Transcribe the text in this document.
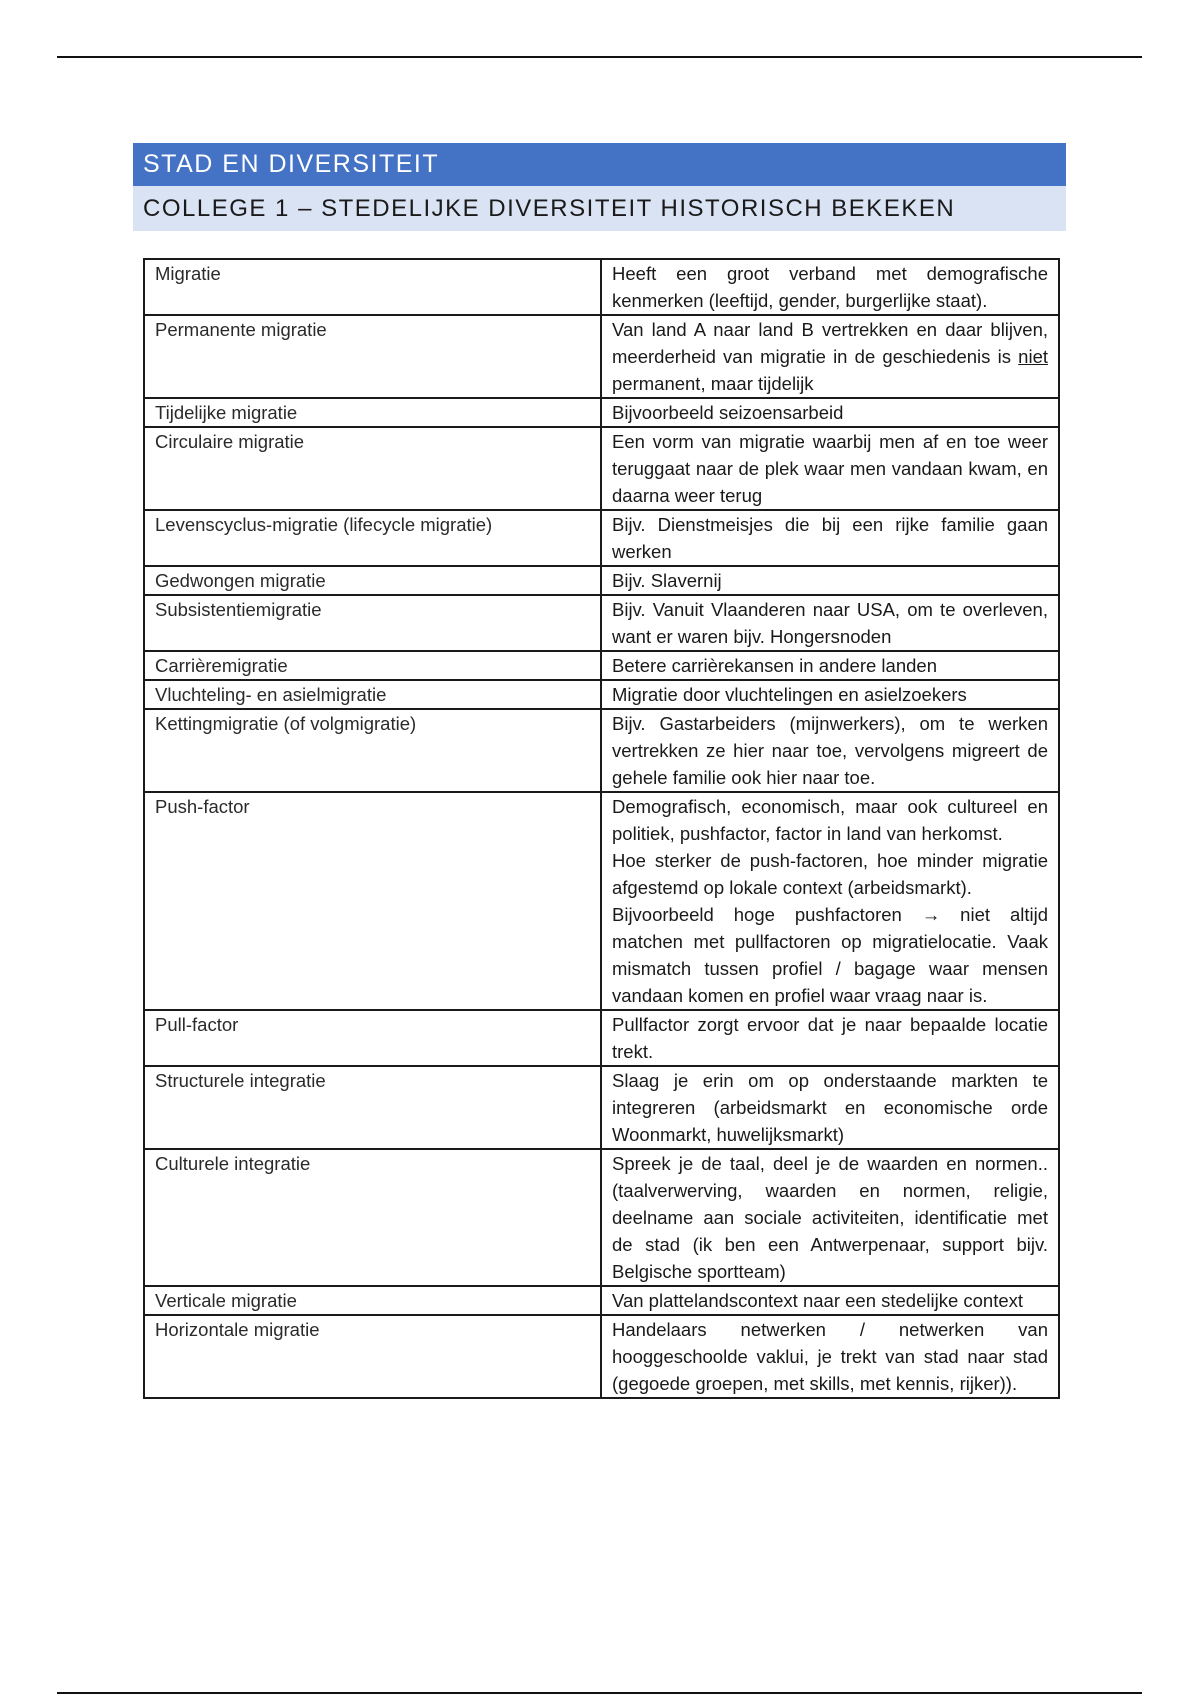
STAD EN DIVERSITEIT
COLLEGE 1 – STEDELIJKE DIVERSITEIT HISTORISCH BEKEKEN
Migratie	Heeft een groot verband met demografische kenmerken (leeftijd, gender, burgerlijke staat).

Permanente migratie	Van land A naar land B vertrekken en daar blijven, meerderheid van migratie in de geschiedenis is niet permanent, maar tijdelijk

Tijdelijke migratie	Bijvoorbeeld seizoensarbeid

Circulaire migratie	Een vorm van migratie waarbij men af en toe weer teruggaat naar de plek waar men vandaan kwam, en daarna weer terug

Levenscyclus-migratie (lifecycle migratie)	Bijv. Dienstmeisjes die bij een rijke familie gaan werken

Gedwongen migratie	Bijv. Slavernij

Subsistentiemigratie	Bijv. Vanuit Vlaanderen naar USA, om te overleven, want er waren bijv. Hongersnoden

Carrièremigratie	Betere carrièrekansen in andere landen

Vluchteling- en asielmigratie	Migratie door vluchtelingen en asielzoekers

Kettingmigratie (of volgmigratie)	Bijv. Gastarbeiders (mijnwerkers), om te werken vertrekken ze hier naar toe, vervolgens migreert de gehele familie ook hier naar toe.

Push-factor	Demografisch, economisch, maar ook cultureel en politiek, pushfactor, factor in land van herkomst.

Hoe sterker de push-factoren, hoe minder migratie afgestemd op lokale context (arbeidsmarkt).

Bijvoorbeeld hoge pushfactoren → niet altijd matchen met pullfactoren op migratielocatie. Vaak mismatch tussen profiel / bagage waar mensen vandaan komen en profiel waar vraag naar is.

Pull-factor	Pullfactor zorgt ervoor dat je naar bepaalde locatie trekt.

Structurele integratie	Slaag je erin om op onderstaande markten te integreren (arbeidsmarkt en economische orde Woonmarkt, huwelijksmarkt)

Culturele integratie	Spreek je de taal, deel je de waarden en normen.. (taalverwerving, waarden en normen, religie, deelname aan sociale activiteiten, identificatie met de stad (ik ben een Antwerpenaar, support bijv. Belgische sportteam)

Verticale migratie	Van plattelandscontext naar een stedelijke context

Horizontale migratie	Handelaars netwerken / netwerken van hooggeschoolde vaklui, je trekt van stad naar stad (gegoede groepen, met skills, met kennis, rijker)).
